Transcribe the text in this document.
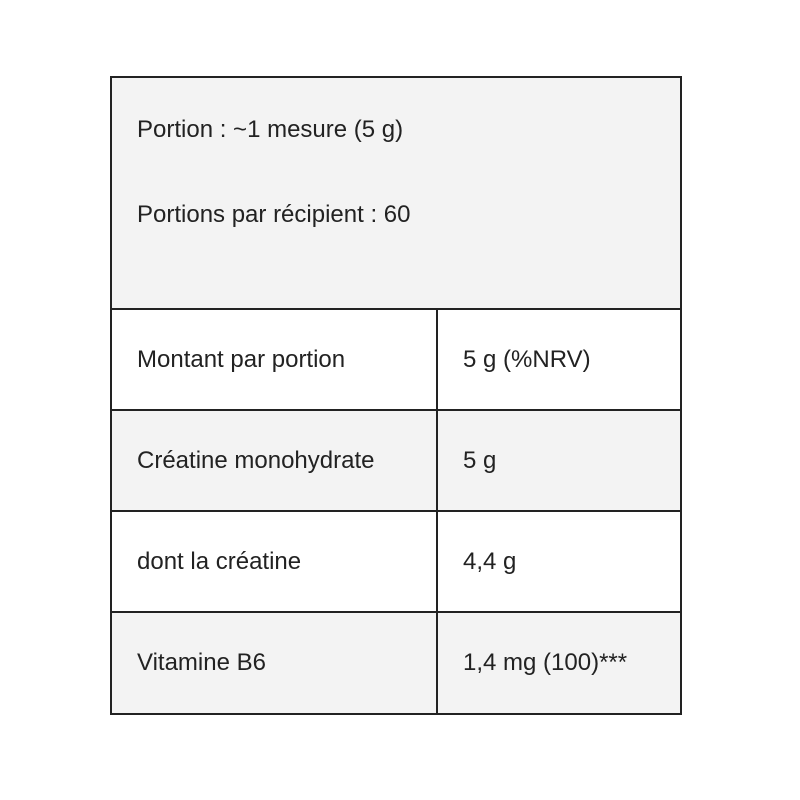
Portion : ~1 mesure (5 g)
Portions par récipient : 60
Montant par portion	5 g (%NRV)
Créatine monohydrate	5 g
dont la créatine	4,4 g
Vitamine B6	1,4 mg (100)***
